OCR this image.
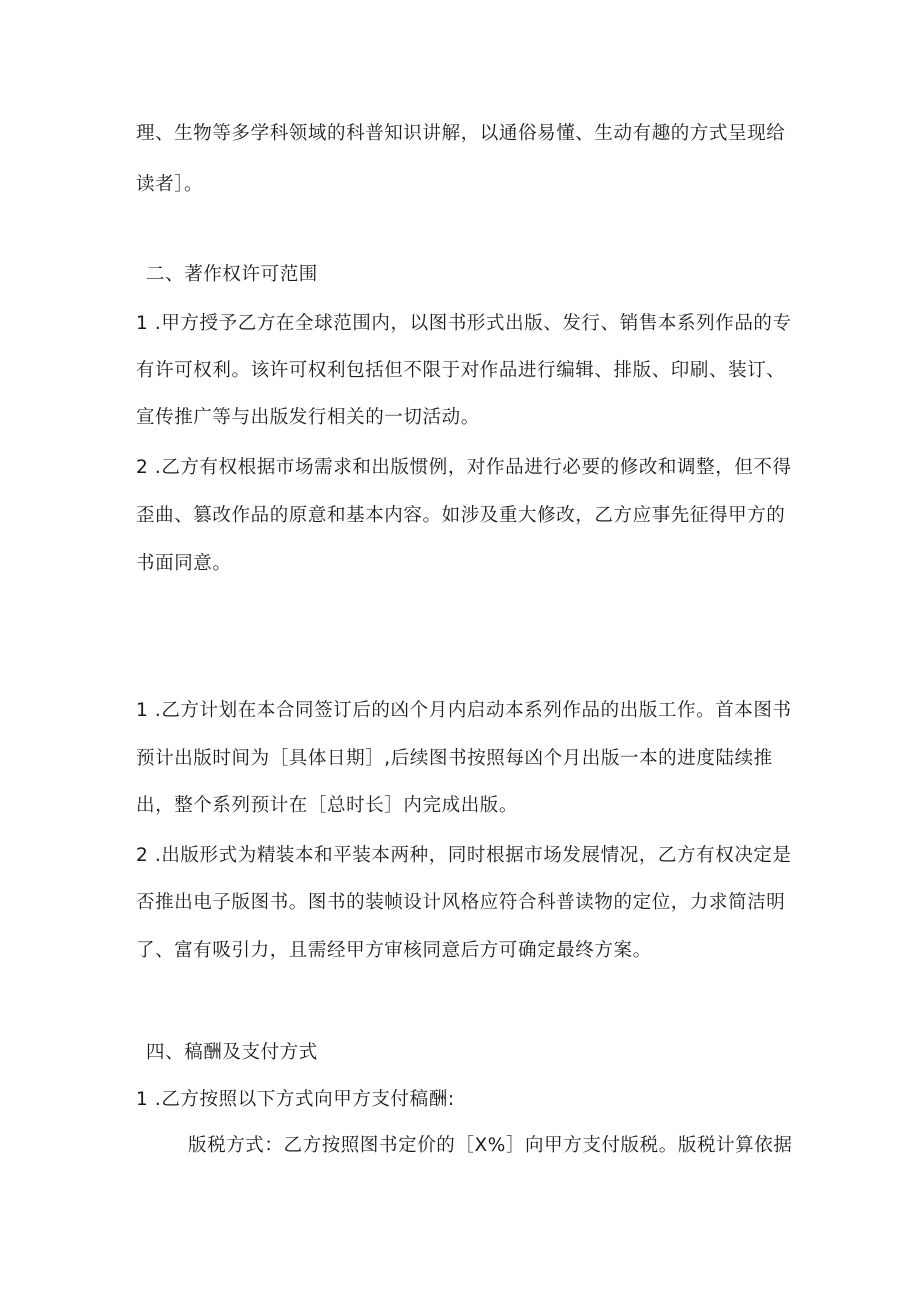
理、生物等多学科领域的科普知识讲解，以通俗易懂、生动有趣的方式呈现给
读者］。
二、著作权许可范围
1 .甲方授予乙方在全球范围内，以图书形式出版、发行、销售本系列作品的专
有许可权利。该许可权利包括但不限于对作品进行编辑、排版、印刷、装订、
宣传推广等与出版发行相关的一切活动。
2 .乙方有权根据市场需求和出版惯例，对作品进行必要的修改和调整，但不得
歪曲、篡改作品的原意和基本内容。如涉及重大修改，乙方应事先征得甲方的
书面同意。
1 .乙方计划在本合同签订后的凶个月内启动本系列作品的出版工作。首本图书
预计出版时间为［具体日期］,后续图书按照每凶个月出版一本的进度陆续推
出，整个系列预计在［总时长］内完成出版。
2 .出版形式为精装本和平装本两种，同时根据市场发展情况，乙方有权决定是
否推出电子版图书。图书的装帧设计风格应符合科普读物的定位，力求简洁明
了、富有吸引力，且需经甲方审核同意后方可确定最终方案。
四、稿酬及支付方式
1 .乙方按照以下方式向甲方支付稿酬:
版税方式：乙方按照图书定价的［X%］向甲方支付版税。版税计算依据
